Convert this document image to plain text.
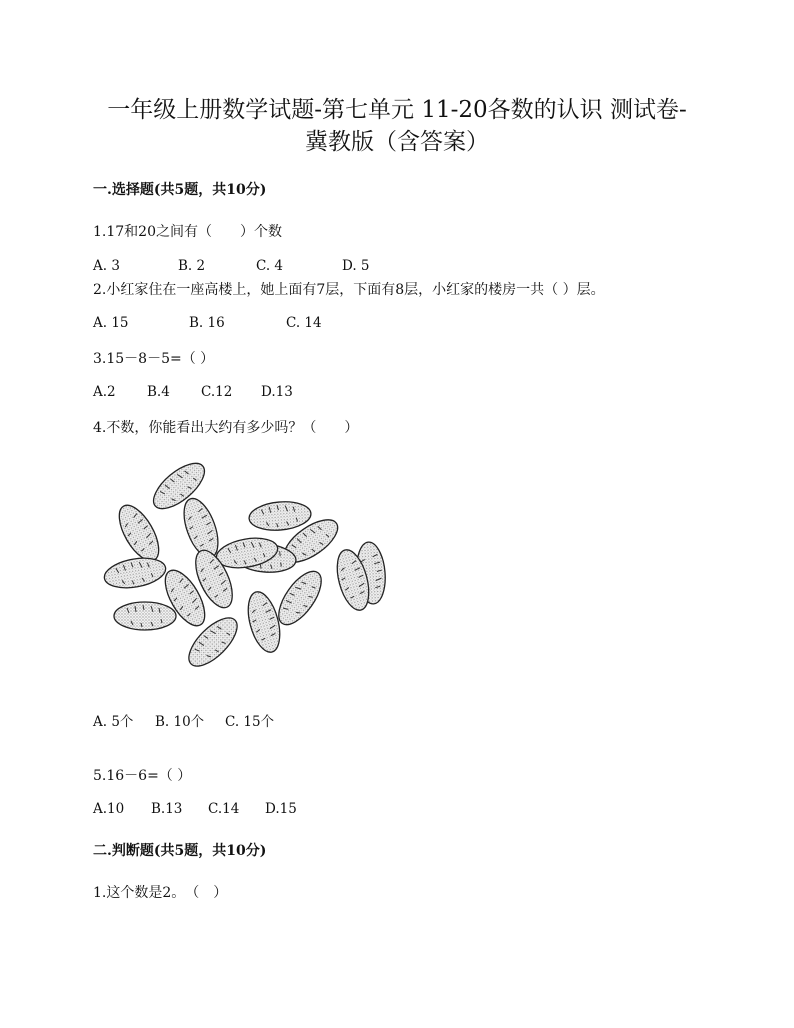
一年级上册数学试题-第七单元 11-20各数的认识 测试卷-
冀教版（含答案）
一.选择题(共5题，共10分)
1.17和20之间有（　　）个数
A. 3	B. 2	C. 4	D. 5
2.小红家住在一座高楼上，她上面有7层，下面有8层，小红家的楼房一共（ ）层。
A. 15	B. 16	C. 14
3.15－8－5=（ ）
A.2 B.4 C.12 D.13
4.不数，你能看出大约有多少吗？（　　）
A. 5个 B. 10个 C. 15个
5.16－6=（ ）
A.10 B.13 C.14 D.15
二.判断题(共5题，共10分)
1.这个数是2。　（　）
